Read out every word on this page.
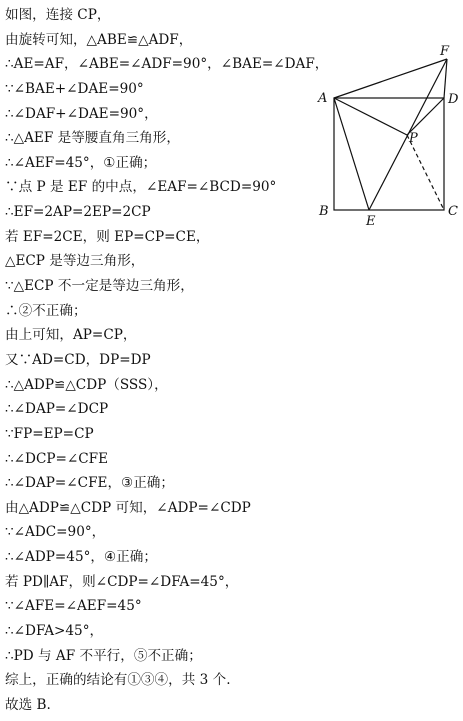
如图，连接 CP，
由旋转可知，△ABE≌△ADF，
∴AE=AF，∠ABE=∠ADF=90°，∠BAE=∠DAF，
∵∠BAE+∠DAE=90°
∴∠DAF+∠DAE=90°，
∴△AEF 是等腰直角三角形，
∴∠AEF=45°，①正确；
∵点 P 是 EF 的中点，∠EAF=∠BCD=90°
∴EF=2AP=2EP=2CP
若 EF=2CE，则 EP=CP=CE，
△ECP 是等边三角形，
∵△ECP 不一定是等边三角形，
∴②不正确；
由上可知，AP=CP，
又∵AD=CD，DP=DP
∴△ADP≌△CDP（SSS），
∴∠DAP=∠DCP
∵FP=EP=CP
∴∠DCP=∠CFE
∴∠DAP=∠CFE，③正确；
由△ADP≌△CDP 可知，∠ADP=∠CDP
∵∠ADC=90°，
∴∠ADP=45°，④正确；
若 PD∥AF，则∠CDP=∠DFA=45°，
∵∠AFE=∠AEF=45°
∴∠DFA>45°，
∴PD 与 AF 不平行，⑤不正确；
综上，正确的结论有①③④，共 3 个.
故选 B.
A	D
F
P
B
E
C
